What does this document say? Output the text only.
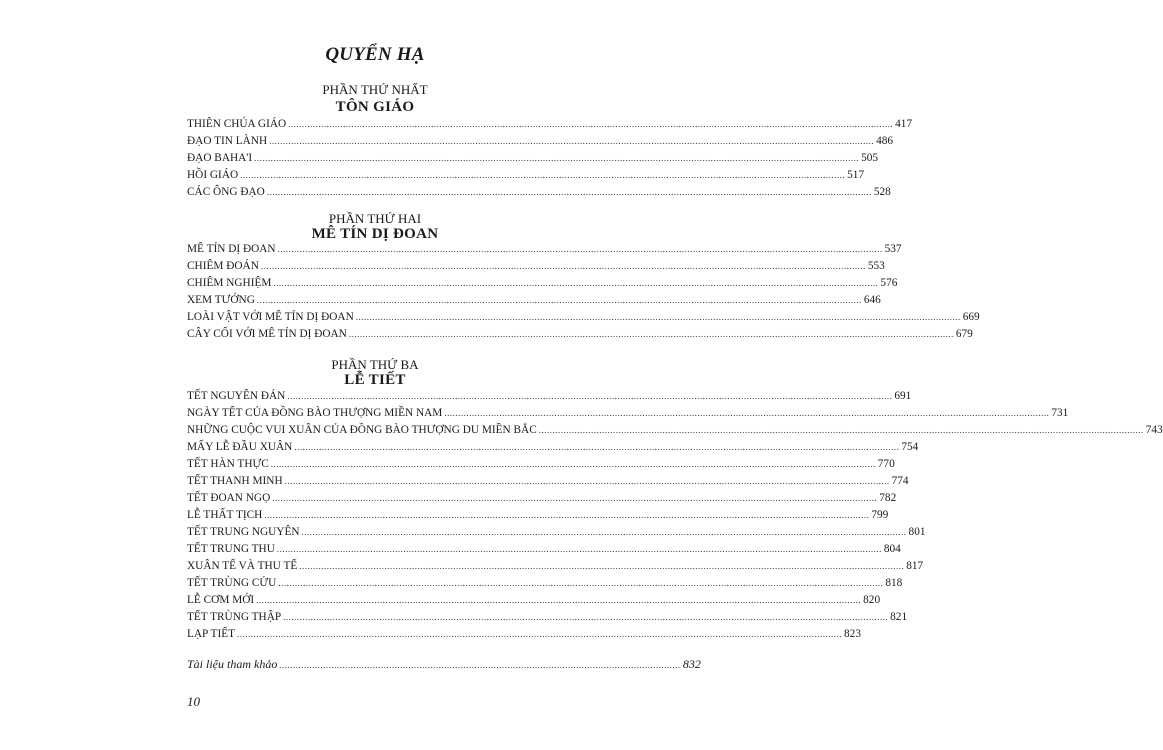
QUYỂN HẠ
PHẦN THỨ NHẤT
TÔN GIÁO
THIÊN CHÚA GIÁO ............................................................................................................................................................................................................................ 417
ĐẠO TIN LÀNH ............................................................................................................................................................................................................................ 486
ĐẠO BAHA'I ............................................................................................................................................................................................................................ 505
HỒI GIÁO ............................................................................................................................................................................................................................ 517
CÁC ÔNG ĐẠO ............................................................................................................................................................................................................................ 528
PHẦN THỨ HAI
MÊ TÍN DỊ ĐOAN
MÊ TÍN DỊ ĐOAN ............................................................................................................................................................................................................................ 537
CHIÊM ĐOÁN ............................................................................................................................................................................................................................ 553
CHIÊM NGHIỆM ............................................................................................................................................................................................................................ 576
XEM TƯỚNG ............................................................................................................................................................................................................................ 646
LOÀI VẬT VỚI MÊ TÍN DỊ ĐOAN ............................................................................................................................................................................................................................ 669
CÂY CỐI VỚI MÊ TÍN DỊ ĐOAN ............................................................................................................................................................................................................................ 679
PHẦN THỨ BA
LỄ TIẾT
TẾT NGUYÊN ĐÁN ............................................................................................................................................................................................................................ 691
NGÀY TẾT CỦA ĐỒNG BÀO THƯỢNG MIỀN NAM ............................................................................................................................................................................................................................ 731
NHỮNG CUỘC VUI XUÂN CỦA ĐỒNG BÀO THƯỢNG DU MIỀN BẮC ............................................................................................................................................................................................................................ 743
MẤY LỄ ĐẦU XUÂN ............................................................................................................................................................................................................................ 754
TẾT HÀN THỰC ............................................................................................................................................................................................................................ 770
TẾT THANH MINH ............................................................................................................................................................................................................................ 774
TẾT ĐOAN NGỌ ............................................................................................................................................................................................................................ 782
LỄ THẤT TỊCH ............................................................................................................................................................................................................................ 799
TẾT TRUNG NGUYÊN ............................................................................................................................................................................................................................ 801
TẾT TRUNG THU ............................................................................................................................................................................................................................ 804
XUÂN TẾ VÀ THU TẾ ............................................................................................................................................................................................................................ 817
TẾT TRÙNG CỬU ............................................................................................................................................................................................................................ 818
LỄ CƠM MỚI ............................................................................................................................................................................................................................ 820
TẾT TRÙNG THẬP ............................................................................................................................................................................................................................ 821
LẠP TIẾT ............................................................................................................................................................................................................................ 823
Tài liệu tham khảo .................................................................................................................................................. 832
10
